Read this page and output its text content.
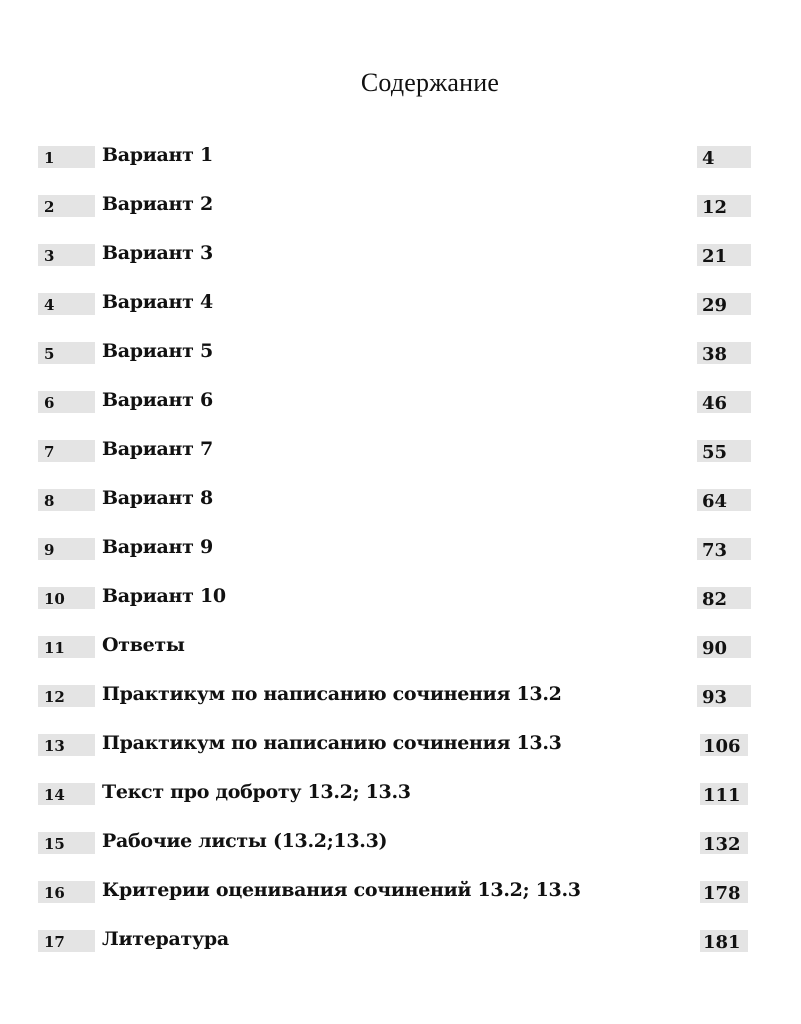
Содержание
1	Вариант 1	4
2	Вариант 2	12
3	Вариант 3	21
4	Вариант 4	29
5	Вариант 5	38
6	Вариант 6	46
7	Вариант 7	55
8	Вариант 8	64
9	Вариант 9	73
10	Вариант 10	82
11	Ответы	90
12	Практикум по написанию сочинения 13.2	93
13	Практикум по написанию сочинения 13.3	106
14	Текст про доброту 13.2; 13.3	111
15	Рабочие листы (13.2;13.3)	132
16	Критерии оценивания сочинений 13.2; 13.3	178
17	Литература	181
